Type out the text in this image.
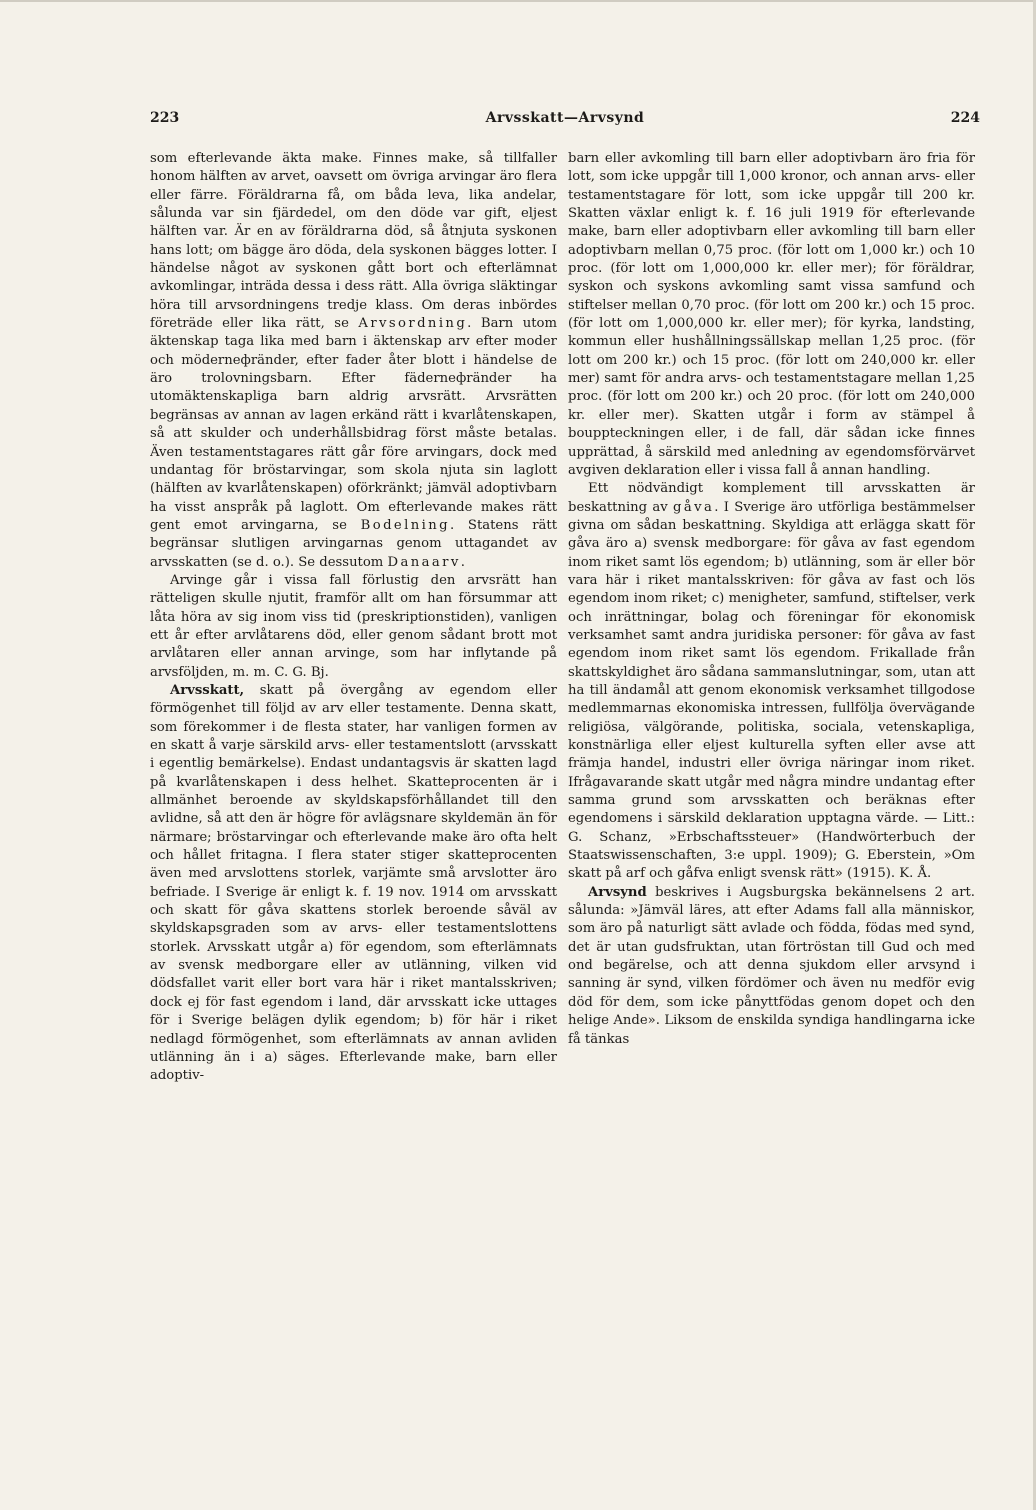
223	Arvsskatt—Arvsynd	224

som efterlevande äkta make. Finnes make, så tillfaller honom hälften av arvet, oavsett om övriga arvingar äro flera eller färre. Föräldrarna få, om båda leva, lika andelar, sålunda var sin fjärdedel, om den döde var gift, eljest hälften var. Är en av föräldrarna död, så åtnjuta syskonen hans lott; om bägge äro döda, dela syskonen bäggеs lotter. I händelse något av syskonen gått bort och efterlämnat avkomlingar, inträda dessa i dess rätt. Alla övriga släktingar höra till arvsordningens tredje klass. Om deras inbördes företräde eller lika rätt, se Arvsordning. Barn utom äktenskap taga lika med barn i äktenskap arv efter moder och möderneфränder, efter fader åter blott i händelse de äro trolovningsbarn. Efter fäderneфränder ha utomäktenskapliga barn aldrig arvsrätt. Arvsrätten begränsas av annan av lagen erkänd rätt i kvarlåtenskapen, så att skulder och underhållsbidrag först måste betalas. Även testamentstagares rätt går före arvingars, dock med undantag för bröstarvingar, som skola njuta sin laglott (hälften av kvarlåtenskapen) oförkränkt; jämväl adoptivbarn ha visst anspråk på laglott. Om efterlevande makes rätt gent emot arvingarna, se Bodelning. Statens rätt begränsar slutligen arvingarnas genom uttagandet av arvsskatten (se d. o.). Se dessutom Danaarv.

Arvinge går i vissa fall förlustig den arvsrätt han rätteligen skulle njutit, framför allt om han försummar att låta höra av sig inom viss tid (preskriptionstiden), vanligen ett år efter arvlåtarens död, eller genom sådant brott mot arvlåtaren eller annan arvinge, som har inflytande på arvsföljden, m. m. C. G. Bj.

Arvsskatt, skatt på övergång av egendom eller förmögenhet till följd av arv eller testamente. Denna skatt, som förekommer i de flesta stater, har vanligen formen av en skatt å varje särskild arvs- eller testamentslott (arvsskatt i egentlig bemärkelse). Endast undantagsvis är skatten lagd på kvarlåtenskapen i dess helhet. Skatteprocenten är i allmänhet beroende av skyldskapsförhållandet till den avlidne, så att den är högre för avlägsnare skyldemän än för närmare; bröstarvingar och efterlevande make äro ofta helt och hållet fritagna. I flera stater stiger skatteprocenten även med arvslottens storlek, varjämte små arvslotter äro befriade. I Sverige är enligt k. f. 19 nov. 1914 om arvsskatt och skatt för gåva skattens storlek beroende såväl av skyldskapsgraden som av arvs- eller testamentslottens storlek. Arvsskatt utgår a) för egendom, som efterlämnats av svensk medborgare eller av utlänning, vilken vid dödsfallet varit eller bort vara här i riket mantalsskriven; dock ej för fast egendom i land, där arvsskatt icke uttages för i Sverige belägen dylik egendom; b) för här i riket nedlagd förmögenhet, som efterlämnats av annan avliden utlänning än i a) säges. Efterlevande make, barn eller adoptiv-

barn eller avkomling till barn eller adoptivbarn äro fria för lott, som icke uppgår till 1,000 kronor, och annan arvs- eller testamentstagare för lott, som icke uppgår till 200 kr. Skatten växlar enligt k. f. 16 juli 1919 för efterlevande make, barn eller adoptivbarn eller avkomling till barn eller adoptivbarn mellan 0,75 proc. (för lott om 1,000 kr.) och 10 proc. (för lott om 1,000,000 kr. eller mer); för föräldrar, syskon och syskons avkomling samt vissa samfund och stiftelser mellan 0,70 proc. (för lott om 200 kr.) och 15 proc. (för lott om 1,000,000 kr. eller mer); för kyrka, landsting, kommun eller hushållningssällskap mellan 1,25 proc. (för lott om 200 kr.) och 15 proc. (för lott om 240,000 kr. eller mer) samt för andra arvs- och testamentstagare mellan 1,25 proc. (för lott om 200 kr.) och 20 proc. (för lott om 240,000 kr. eller mer). Skatten utgår i form av stämpel å bouppteckningen eller, i de fall, där sådan icke finnes upprättad, å särskild med anledning av egendomsförvärvet avgiven deklaration eller i vissa fall å annan handling.

Ett nödvändigt komplement till arvsskatten är beskattning av gåva. I Sverige äro utförliga bestämmelser givna om sådan beskattning. Skyldiga att erlägga skatt för gåva äro a) svensk medborgare: för gåva av fast egendom inom riket samt lös egendom; b) utlänning, som är eller bör vara här i riket mantalsskriven: för gåva av fast och lös egendom inom riket; c) menigheter, samfund, stiftelser, verk och inrättningar, bolag och föreningar för ekonomisk verksamhet samt andra juridiska personer: för gåva av fast egendom inom riket samt lös egendom. Frikallade från skattskyldighet äro sådana sammanslutningar, som, utan att ha till ändamål att genom ekonomisk verksamhet tillgodose medlemmarnas ekonomiska intressen, fullfölja övervägande religiösa, välgörande, politiska, sociala, vetenskapliga, konstnärliga eller eljest kulturella syften eller avse att främja handel, industri eller övriga näringar inom riket. Ifrågavarande skatt utgår med några mindre undantag efter samma grund som arvsskatten och beräknas efter egendomens i särskild deklaration upptagna värde. — Litt.: G. Schanz, »Erbschaftssteuer» (Handwörterbuch der Staatswissenschaften, 3:e uppl. 1909); G. Eberstein, »Om skatt på arf och gåfva enligt svensk rätt» (1915). K. Å.

Arvsynd beskrives i Augsburgska bekännelsens 2 art. sålunda: »Jämväl läres, att efter Adams fall alla människor, som äro på naturligt sätt avlade och födda, födas med synd, det är utan gudsfruktan, utan förtröstan till Gud och med ond begärelse, och att denna sjukdom eller arvsynd i sanning är synd, vilken fördömer och även nu medför evig död för dem, som icke pånyttfödas genom dopet och den helige Ande». Liksom de enskilda syndiga handlingarna icke få tänkas
